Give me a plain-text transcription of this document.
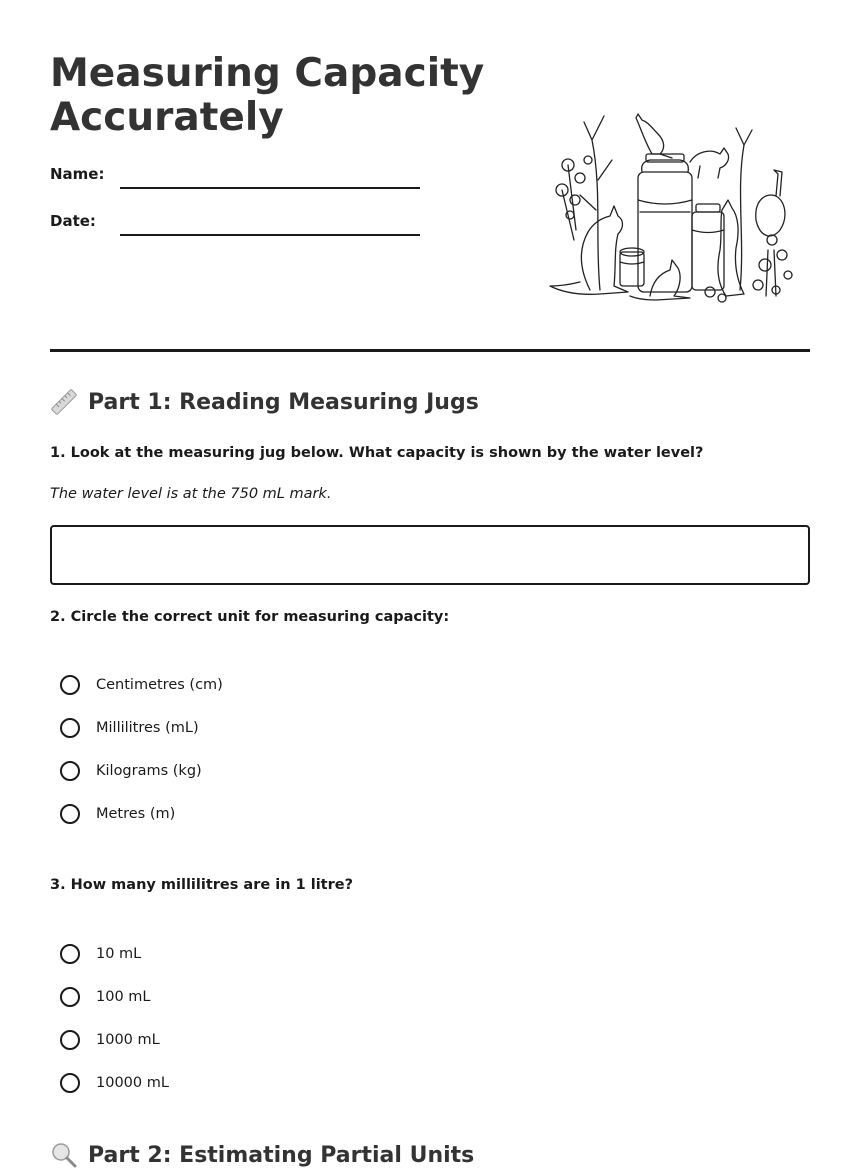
Measuring Capacity
Accurately
Name:
Date:
Part 1: Reading Measuring Jugs
1. Look at the measuring jug below. What capacity is shown by the water level?
The water level is at the 750 mL mark.
2. Circle the correct unit for measuring capacity:
Centimetres (cm)
Millilitres (mL)
Kilograms (kg)
Metres (m)
3. How many millilitres are in 1 litre?
10 mL
100 mL
1000 mL
10000 mL
Part 2: Estimating Partial Units
